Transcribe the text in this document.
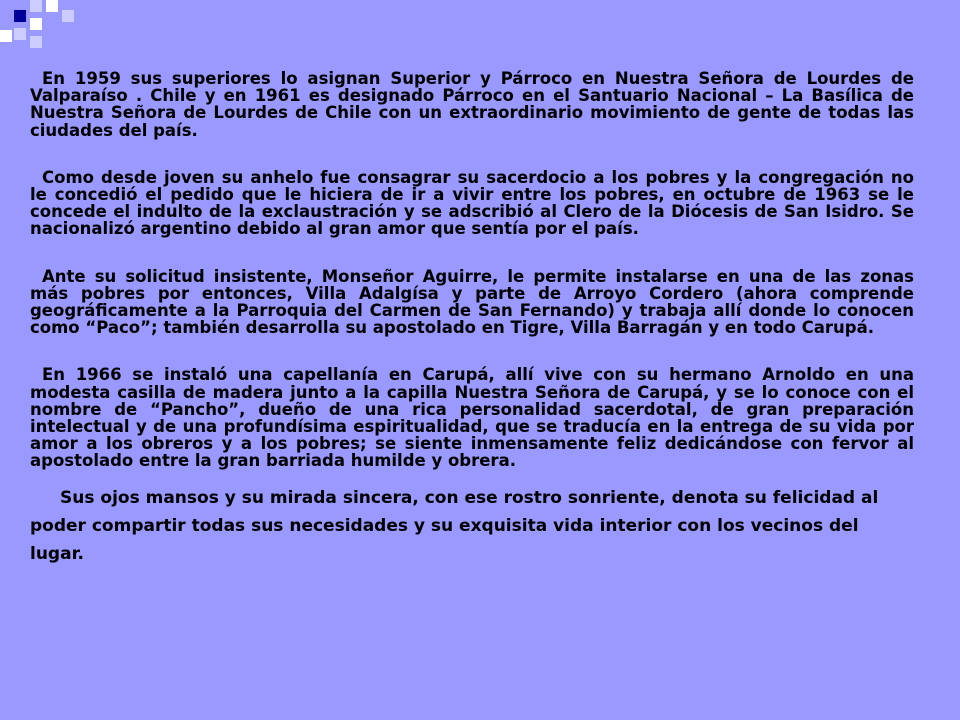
En 1959 sus superiores lo asignan Superior y Párroco en Nuestra Señora de Lourdes de Valparaíso . Chile y en 1961 es designado Párroco en el Santuario Nacional – La Basílica de Nuestra Señora de Lourdes de Chile con un extraordinario movimiento de gente de todas las ciudades del país.

Como desde joven su anhelo fue consagrar su sacerdocio a los pobres y la congregación no le concedió el pedido que le hiciera de ir a vivir entre los pobres, en octubre de 1963 se le concede el indulto de la exclaustración y se adscribió al Clero de la Diócesis de San Isidro. Se nacionalizó argentino debido al gran amor que sentía por el país.

Ante su solicitud insistente, Monseñor Aguirre, le permite instalarse en una de las zonas más pobres por entonces, Villa Adalgísa y parte de Arroyo Cordero (ahora comprende geográficamente a la Parroquia del Carmen de San Fernando) y trabaja allí donde lo conocen como “Paco”; también desarrolla su apostolado en Tigre, Villa Barragán y en todo Carupá.

En 1966 se instaló una capellanía en Carupá, allí vive con su hermano Arnoldo en una modesta casilla de madera junto a la capilla Nuestra Señora de Carupá, y se lo conoce con el nombre de “Pancho”, dueño de una rica personalidad sacerdotal, de gran preparación intelectual y de una profundísima espiritualidad, que se traducía en la entrega de su vida por amor a los obreros y a los pobres; se siente inmensamente feliz dedicándose con fervor al apostolado entre la gran barriada humilde y obrera.

Sus ojos mansos y su mirada sincera, con ese rostro sonriente, denota su felicidad al poder compartir todas sus necesidades y su exquisita vida interior con los vecinos del lugar.
